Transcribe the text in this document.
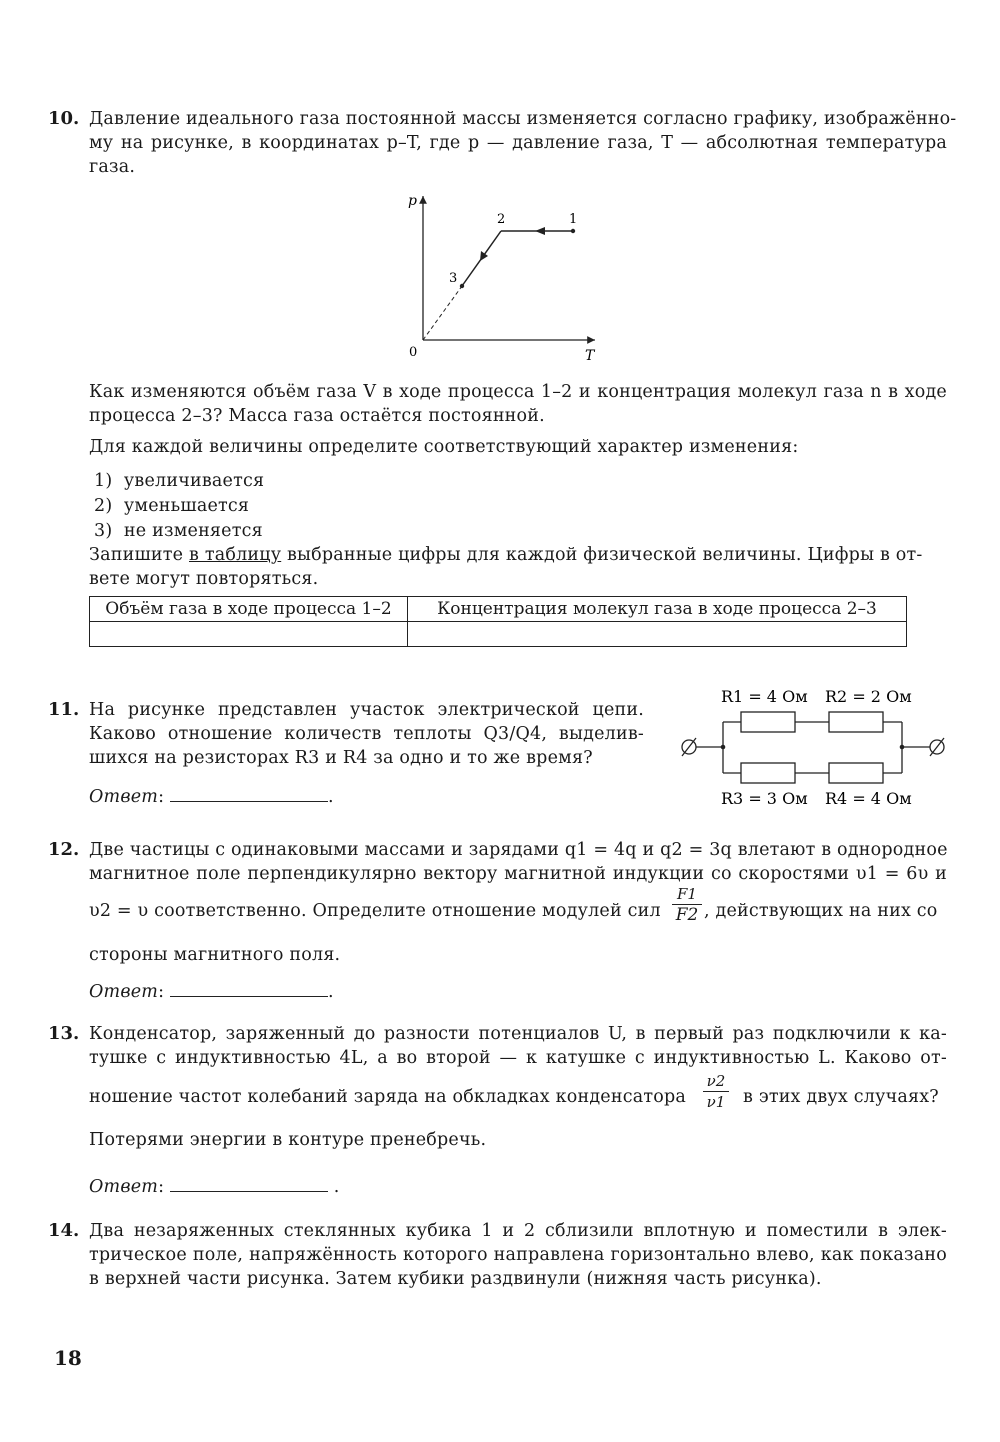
10. Давление идеального газа постоянной массы изменяется согласно графику, изображённо-
му на рисунке, в координатах p–T, где p — давление газа, T — абсолютная температура
газа.
p
T
0
1
2
3
Как изменяются объём газа V в ходе процесса 1–2 и концентрация молекул газа n в ходе
процесса 2–3? Масса газа остаётся постоянной.
Для каждой величины определите соответствующий характер изменения:
1) увеличивается
2) уменьшается
3) не изменяется
Запишите в таблицу выбранные цифры для каждой физической величины. Цифры в от-
вете могут повторяться.
Объём газа в ходе процесса 1–2	Концентрация молекул газа в ходе процесса 2–3

11. На рисунке представлен участок электрической цепи.
Каково отношение количеств теплоты Q3/Q4, выделив-
шихся на резисторах R3 и R4 за одно и то же время?
Ответ:	.
R1 = 4 Ом R2 = 2 Ом
R3 = 3 Ом R4 = 4 Ом
12. Две частицы с одинаковыми массами и зарядами q1 = 4q и q2 = 3q влетают в однородное
магнитное поле перпендикулярно вектору магнитной индукции со скоростями υ1 = 6υ и
υ2 = υ соответственно. Определите отношение модулей сил
F1
F2 , действующих на них со
стороны магнитного поля.
Ответ:	.
13. Конденсатор, заряженный до разности потенциалов U, в первый раз подключили к ка-
тушке с индуктивностью 4L, а во второй — к катушке с индуктивностью L. Каково от-
ношение частот колебаний заряда на обкладках конденсатора
ν2
ν1 в этих двух случаях?
Потерями энергии в контуре пренебречь.
Ответ:	.
14. Два незаряженных стеклянных кубика 1 и 2 сблизили вплотную и поместили в элек-
трическое поле, напряжённость которого направлена горизонтально влево, как показано
в верхней части рисунка. Затем кубики раздвинули (нижняя часть рисунка).
18
